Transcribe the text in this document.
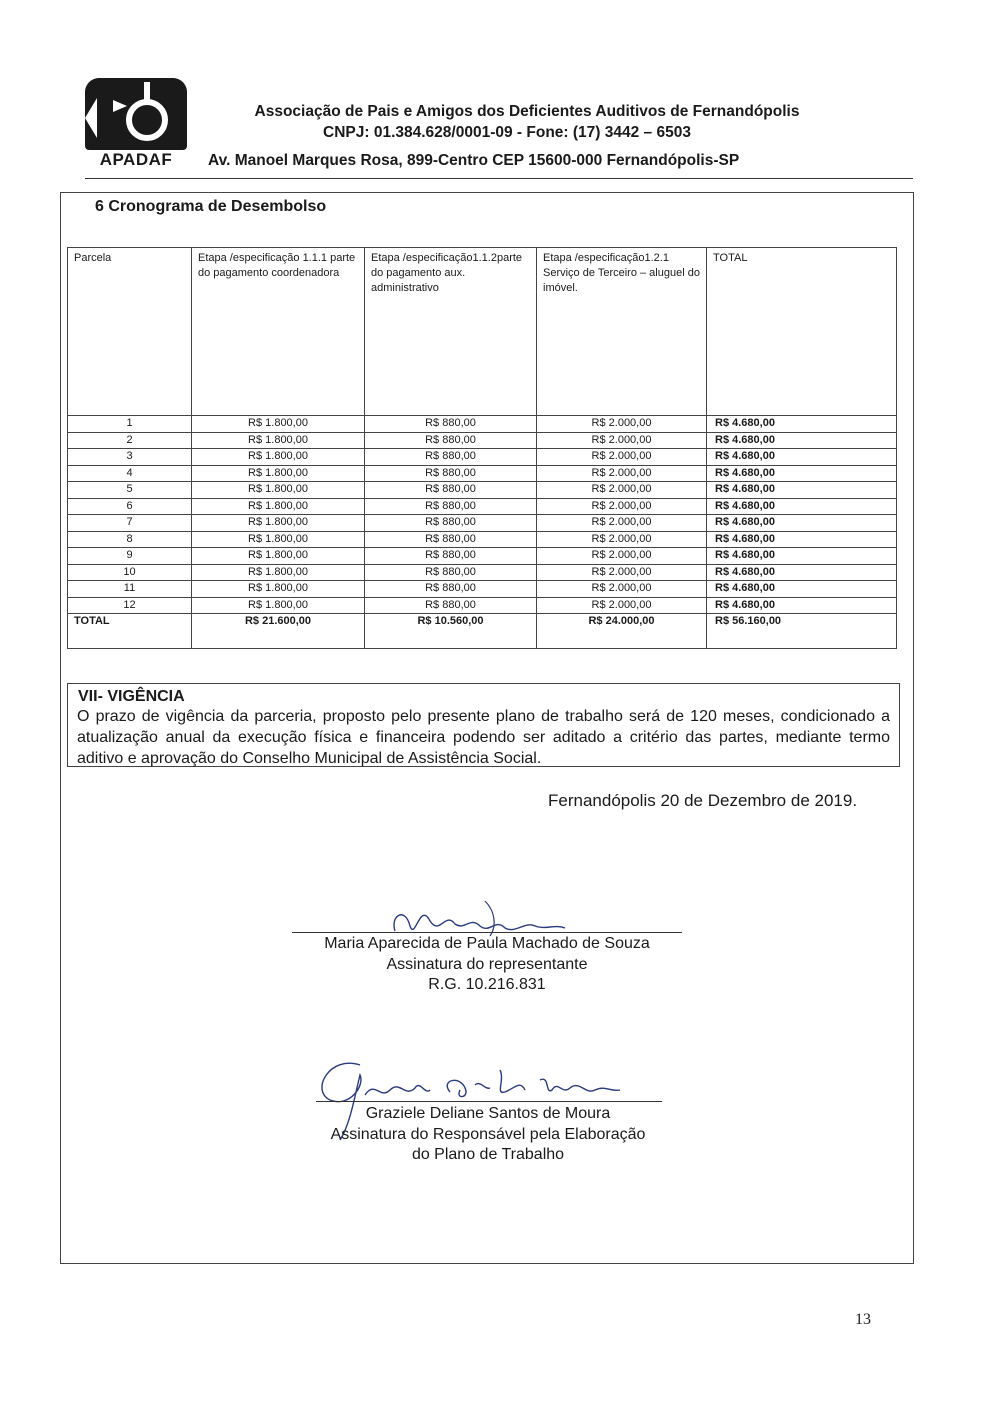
APADAF
Associação de Pais e Amigos dos Deficientes Auditivos de Fernandópolis
CNPJ: 01.384.628/0001-09 - Fone: (17) 3442 – 6503
Av. Manoel Marques Rosa, 899-Centro CEP 15600-000 Fernandópolis-SP
6 Cronograma de Desembolso
Parcela	Etapa /especificação 1.1.1 parte do pagamento coordenadora	Etapa /especificação1.1.2parte do pagamento aux. administrativo	Etapa /especificação1.2.1 Serviço de Terceiro – aluguel do imóvel.	TOTAL
1	R$ 1.800,00	R$ 880,00	R$ 2.000,00	R$ 4.680,00
2	R$ 1.800,00	R$ 880,00	R$ 2.000,00	R$ 4.680,00
3	R$ 1.800,00	R$ 880,00	R$ 2.000,00	R$ 4.680,00
4	R$ 1.800,00	R$ 880,00	R$ 2.000,00	R$ 4.680,00
5	R$ 1.800,00	R$ 880,00	R$ 2.000,00	R$ 4.680,00
6	R$ 1.800,00	R$ 880,00	R$ 2.000,00	R$ 4.680,00
7	R$ 1.800,00	R$ 880,00	R$ 2.000,00	R$ 4.680,00
8	R$ 1.800,00	R$ 880,00	R$ 2.000,00	R$ 4.680,00
9	R$ 1.800,00	R$ 880,00	R$ 2.000,00	R$ 4.680,00
10	R$ 1.800,00	R$ 880,00	R$ 2.000,00	R$ 4.680,00
11	R$ 1.800,00	R$ 880,00	R$ 2.000,00	R$ 4.680,00
12	R$ 1.800,00	R$ 880,00	R$ 2.000,00	R$ 4.680,00
TOTAL	R$ 21.600,00	R$ 10.560,00	R$ 24.000,00	R$ 56.160,00
VII- VIGÊNCIA
O prazo de vigência da parceria, proposto pelo presente plano de trabalho será de 120 meses, condicionado a atualização anual da execução física e financeira podendo ser aditado a critério das partes, mediante termo aditivo e aprovação do Conselho Municipal de Assistência Social.
Fernandópolis 20 de Dezembro de 2019.
Maria Aparecida de Paula Machado de Souza
Assinatura do representante
R.G. 10.216.831
Graziele Deliane Santos de Moura
Assinatura do Responsável pela Elaboração
do Plano de Trabalho
13
